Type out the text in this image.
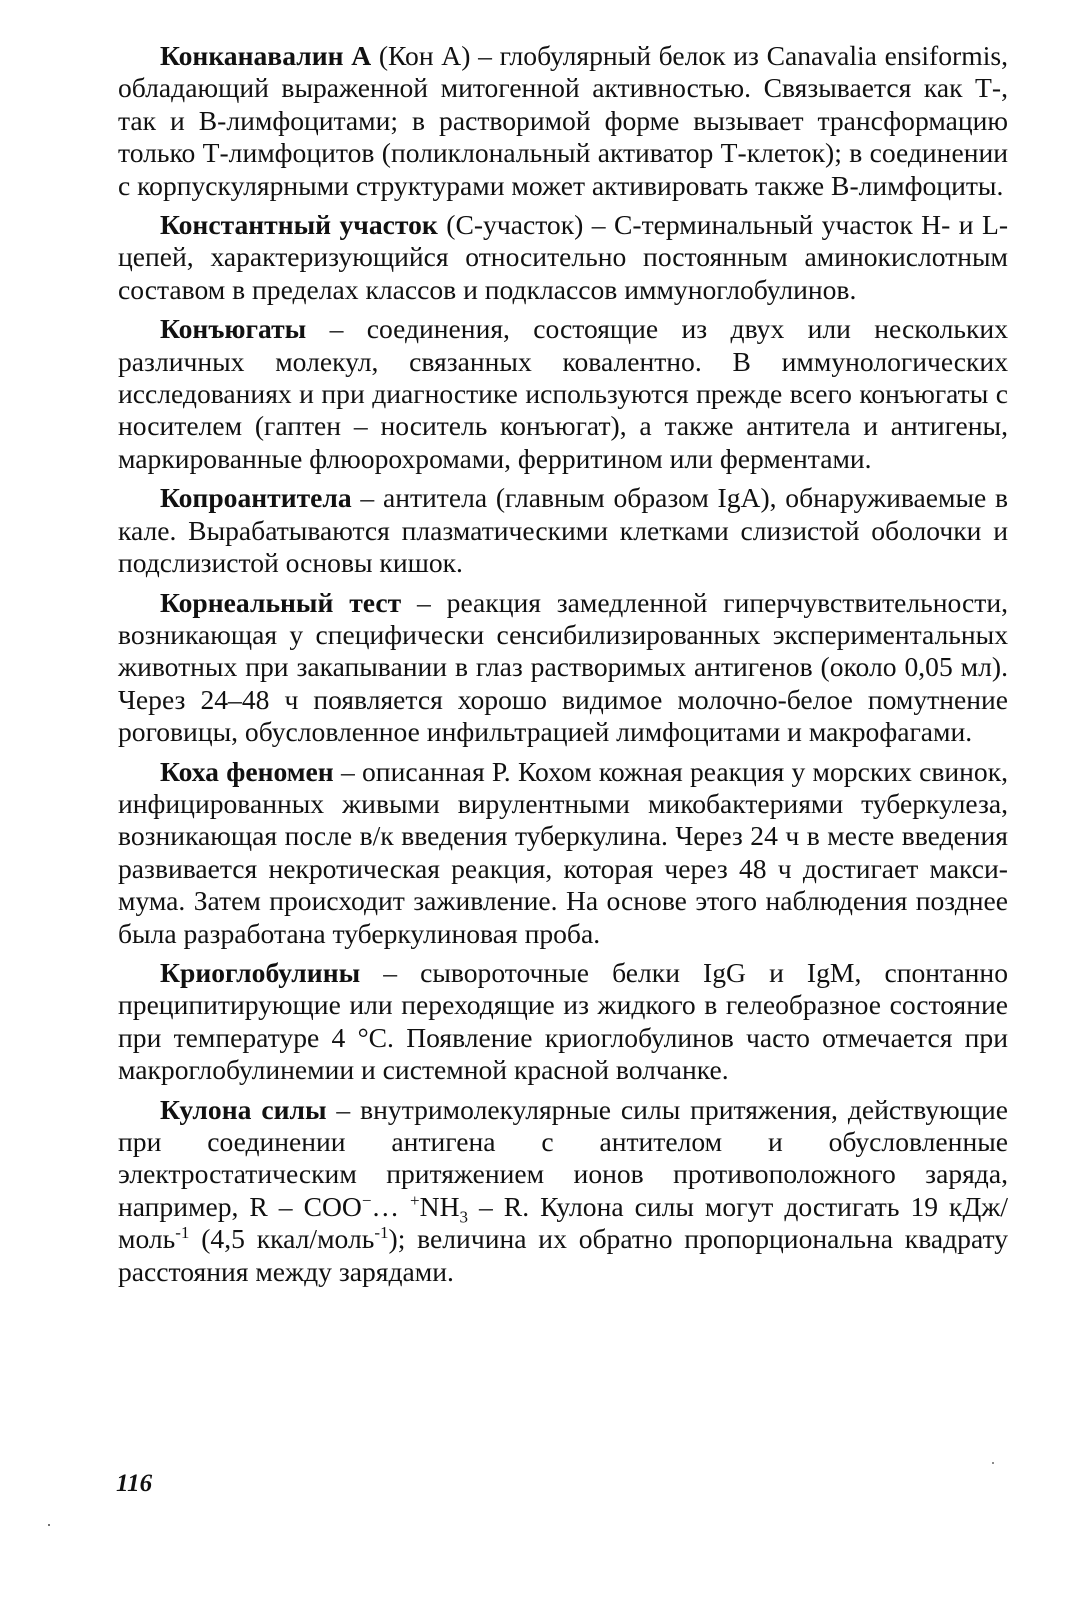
Конканавалин А (Кон А) – глобулярный белок из Canavalia ensiformis, обладающий выраженной митогенной активностью. Связывается как Т-, так и В-лимфоцитами; в растворимой форме вызывает трансформацию только Т-лимфоцитов (поликлональный активатор Т-клеток); в соединении с корпускулярными структурами может активировать также В-лимфоциты.

Константный участок (С-участок) – С-терминальный участок Н- и L-цепей, характеризующийся относительно постоянным аминокислотным составом в пределах классов и подклассов иммуноглобулинов.

Конъюгаты – соединения, состоящие из двух или нескольких различных молекул, связанных ковалентно. В иммунологических исследованиях и при диагностике используются прежде всего конъюгаты с носителем (гаптен – носитель конъюгат), а также антитела и антигены, маркированные флюорохромами, ферритином или ферментами.

Копроантитела – антитела (главным образом IgA), обнаруживаемые в кале. Вырабатываются плазматическими клетками слизистой оболочки и подслизистой основы кишок.

Корнеальный тест – реакция замедленной гиперчувствительности, возникающая у специфически сенсибилизированных экспериментальных животных при закапывании в глаз растворимых антигенов (около 0,05 мл). Через 24–48 ч появляется хорошо видимое молочно-белое помутнение роговицы, обусловленное инфильтрацией лимфоцитами и макрофагами.

Коха феномен – описанная Р. Кохом кожная реакция у морских свинок, инфицированных живыми вирулентными микобактериями туберкулеза, возникающая после в/к введения туберкулина. Через 24 ч в месте введения развивается некротическая реакция, которая через 48 ч достигает максимума. Затем происходит заживление. На основе этого наблюдения позднее была разработана туберкулиновая проба.

Криоглобулины – сывороточные белки IgG и IgM, спонтанно преципитирующие или переходящие из жидкого в гелеобразное состояние при температуре 4 °С. Появление криоглобулинов часто отмечается при макроглобулинемии и системной красной волчанке.

Кулона силы – внутримолекулярные силы притяжения, действующие при соединении антигена с антителом и обусловленные электростатическим притяжением ионов противоположного заряда, например, R – COO−… $^+NH_3$ – R. Кулона силы могут достигать 19 кДж/моль$^{-1}$ (4,5 ккал/моль$^{-1}$); величина их обратно пропорциональна квадрату расстояния между зарядами.

116
